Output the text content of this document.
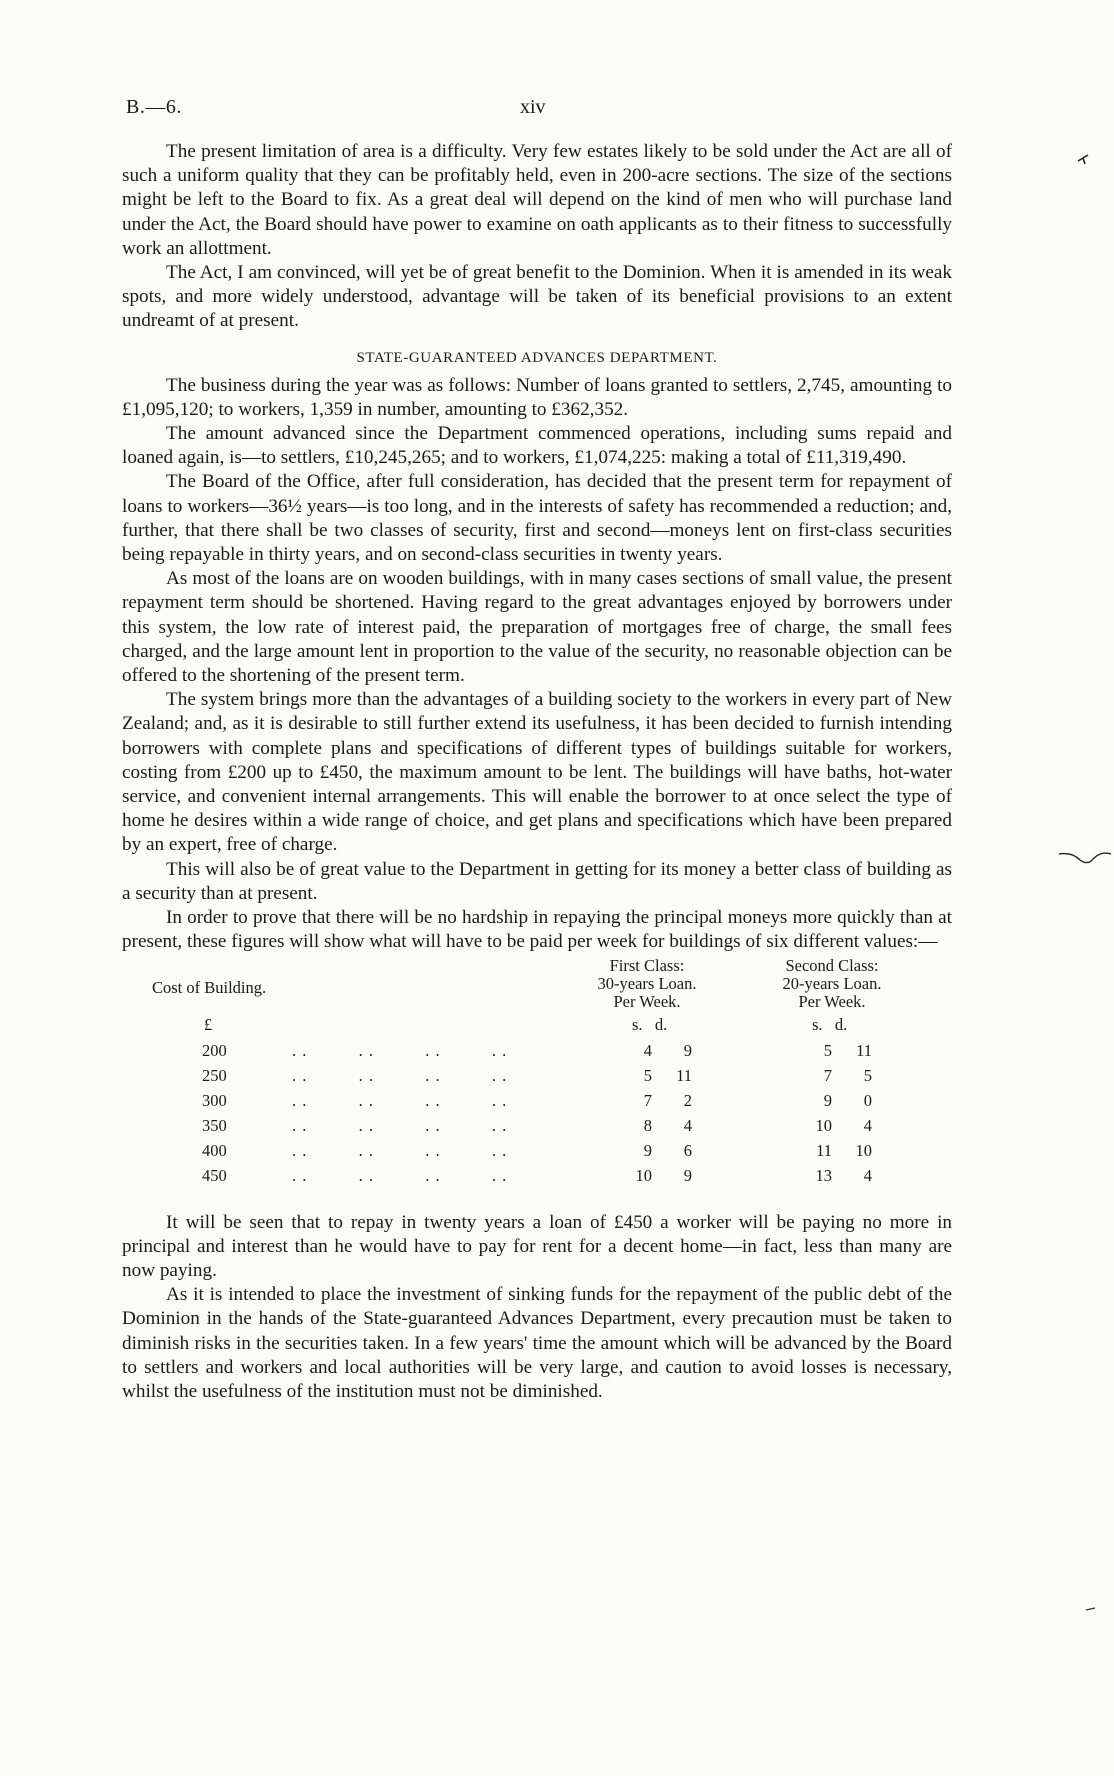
B.—6.	xiv

The present limitation of area is a difficulty. Very few estates likely to be sold under the Act are all of such a uniform quality that they can be profitably held, even in 200-acre sections. The size of the sections might be left to the Board to fix. As a great deal will depend on the kind of men who will purchase land under the Act, the Board should have power to examine on oath applicants as to their fitness to successfully work an allottment.

The Act, I am convinced, will yet be of great benefit to the Dominion. When it is amended in its weak spots, and more widely understood, advantage will be taken of its beneficial provisions to an extent undreamt of at present.

STATE-GUARANTEED ADVANCES DEPARTMENT.

The business during the year was as follows: Number of loans granted to settlers, 2,745, amounting to £1,095,120; to workers, 1,359 in number, amounting to £362,352.

The amount advanced since the Department commenced operations, including sums repaid and loaned again, is—to settlers, £10,245,265; and to workers, £1,074,225: making a total of £11,319,490.

The Board of the Office, after full consideration, has decided that the present term for repayment of loans to workers—36½ years—is too long, and in the interests of safety has recommended a reduction; and, further, that there shall be two classes of security, first and second—moneys lent on first-class securities being repayable in thirty years, and on second-class securities in twenty years.

As most of the loans are on wooden buildings, with in many cases sections of small value, the present repayment term should be shortened. Having regard to the great advantages enjoyed by borrowers under this system, the low rate of interest paid, the preparation of mortgages free of charge, the small fees charged, and the large amount lent in proportion to the value of the security, no reasonable objection can be offered to the shortening of the present term.

The system brings more than the advantages of a building society to the workers in every part of New Zealand; and, as it is desirable to still further extend its usefulness, it has been decided to furnish intending borrowers with complete plans and specifications of different types of buildings suitable for workers, costing from £200 up to £450, the maximum amount to be lent. The buildings will have baths, hot-water service, and convenient internal arrangements. This will enable the borrower to at once select the type of home he desires within a wide range of choice, and get plans and specifications which have been prepared by an expert, free of charge.

This will also be of great value to the Department in getting for its money a better class of building as a security than at present.

In order to prove that there will be no hardship in repaying the principal moneys more quickly than at present, these figures will show what will have to be paid per week for buildings of six different values:—

Cost of Building.
First Class:
30-years Loan.
Per Week.
Second Class:
20-years Loan.
Per Week.
£	s.   d.	s.   d.
200	. .          . .          . .          . .	4	9	5	11
250	. .          . .          . .          . .	5	11	7	5
300	. .          . .          . .          . .	7	2	9	0
350	. .          . .          . .          . .	8	4	10	4
400	. .          . .          . .          . .	9	6	11	10
450	. .          . .          . .          . .	10	9	13	4

It will be seen that to repay in twenty years a loan of £450 a worker will be paying no more in principal and interest than he would have to pay for rent for a decent home—in fact, less than many are now paying.

As it is intended to place the investment of sinking funds for the repayment of the public debt of the Dominion in the hands of the State-guaranteed Advances Department, every precaution must be taken to diminish risks in the securities taken. In a few years' time the amount which will be advanced by the Board to settlers and workers and local authorities will be very large, and caution to avoid losses is necessary, whilst the usefulness of the institution must not be diminished.
